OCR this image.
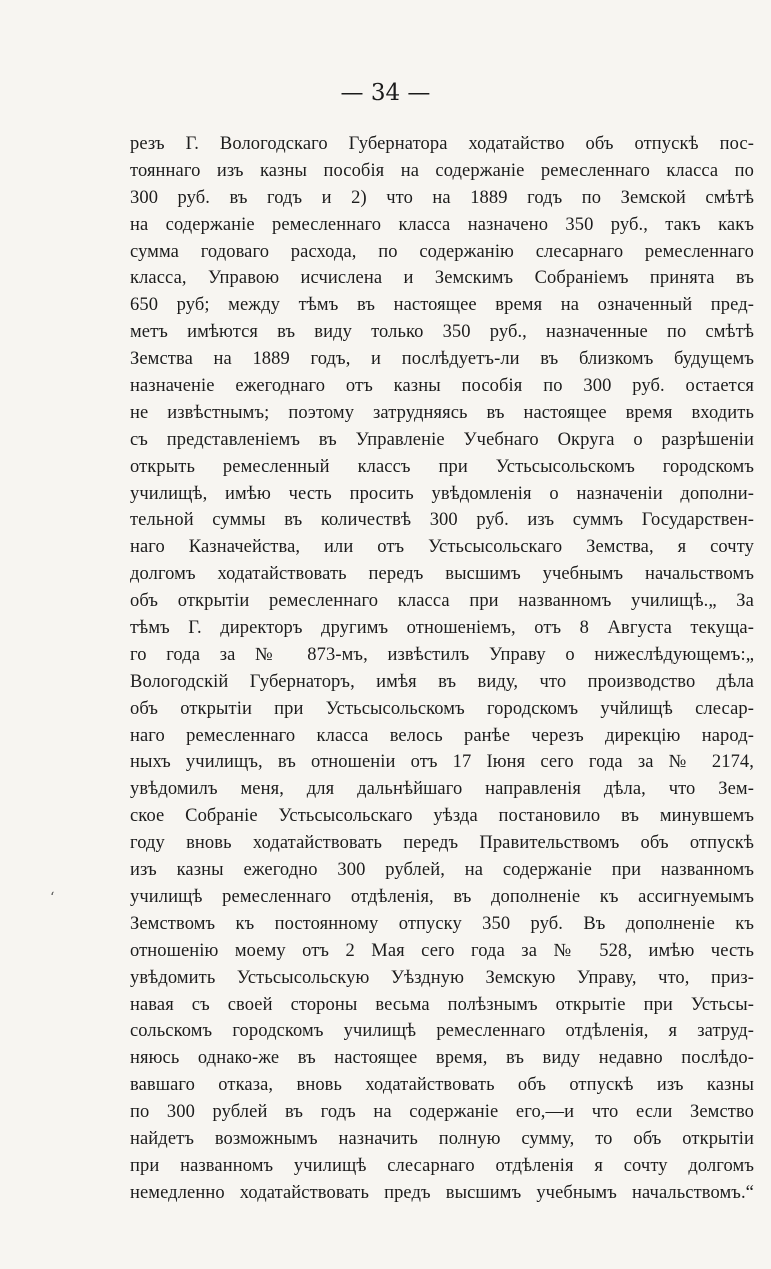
— 34 —
ʻ
резъ Г. Вологодскаго Губернатора ходатайство объ отпускѣ пос-
тояннаго изъ казны пособія на содержаніе ремесленнаго класса по
300 руб. въ годъ и 2) что на 1889 годъ по Земской смѣтѣ
на содержаніе ремесленнаго класса назначено 350 руб., такъ какъ
сумма годоваго расхода, по содержанію слесарнаго ремесленнаго
класса, Управою исчислена и Земскимъ Собраніемъ принята въ
650 руб; между тѣмъ въ настоящее время на означенный пред-
метъ имѣются въ виду только 350 руб., назначенные по смѣтѣ
Земства на 1889 годъ, и послѣдуетъ-ли въ близкомъ будущемъ
назначеніе ежегоднаго отъ казны пособія по 300 руб. остается
не извѣстнымъ; поэтому затрудняясь въ настоящее время входить
съ представленіемъ въ Управленіе Учебнаго Округа о разрѣшеніи
открыть ремесленный классъ при Устьсысольскомъ городскомъ
училищѣ, имѣю честь просить увѣдомленія о назначеніи дополни-
тельной суммы въ количествѣ 300 руб. изъ суммъ Государствен-
наго Казначейства, или отъ Устьсысольскаго Земства, я сочту
долгомъ ходатайствовать передъ высшимъ учебнымъ начальствомъ
объ открытіи ремесленнаго класса при названномъ училищѣ.„ За
тѣмъ Г. директоръ другимъ отношеніемъ, отъ 8 Августа текуща-
го года за № 873-мъ, извѣстилъ Управу о нижеслѣдующемъ:„
Вологодскій Губернаторъ, имѣя въ виду, что производство дѣла
объ открытіи при Устьсысольскомъ городскомъ учйлищѣ слесар-
наго ремесленнаго класса велось ранѣе черезъ дирекцію народ-
ныхъ училищъ, въ отношеніи отъ 17 Іюня сего года за № 2174,
увѣдомилъ меня, для дальнѣйшаго направленія дѣла, что Зем-
ское Собраніе Устьсысольскаго уѣзда постановило въ минувшемъ
году вновь ходатайствовать передъ Правительствомъ объ отпускѣ
изъ казны ежегодно 300 рублей, на содержаніе при названномъ
училищѣ ремесленнаго отдѣленія, въ дополненіе къ ассигнуемымъ
Земствомъ къ постоянному отпуску 350 руб. Въ дополненіе къ
отношенію моему отъ 2 Мая сего года за № 528, имѣю честь
увѣдомить Устьсысольскую Уѣздную Земскую Управу, что, приз-
навая съ своей стороны весьма полѣзнымъ открытіе при Устьсы-
сольскомъ городскомъ училищѣ ремесленнаго отдѣленія, я затруд-
няюсь однако-же въ настоящее время, въ виду недавно послѣдо-
вавшаго отказа, вновь ходатайствовать объ отпускѣ изъ казны
по 300 рублей въ годъ на содержаніе его,—и что если Земство
найдетъ возможнымъ назначить полную сумму, то объ открытіи
при названномъ училищѣ слесарнаго отдѣленія я сочту долгомъ
немедленно ходатайствовать предъ высшимъ учебнымъ начальствомъ.“
